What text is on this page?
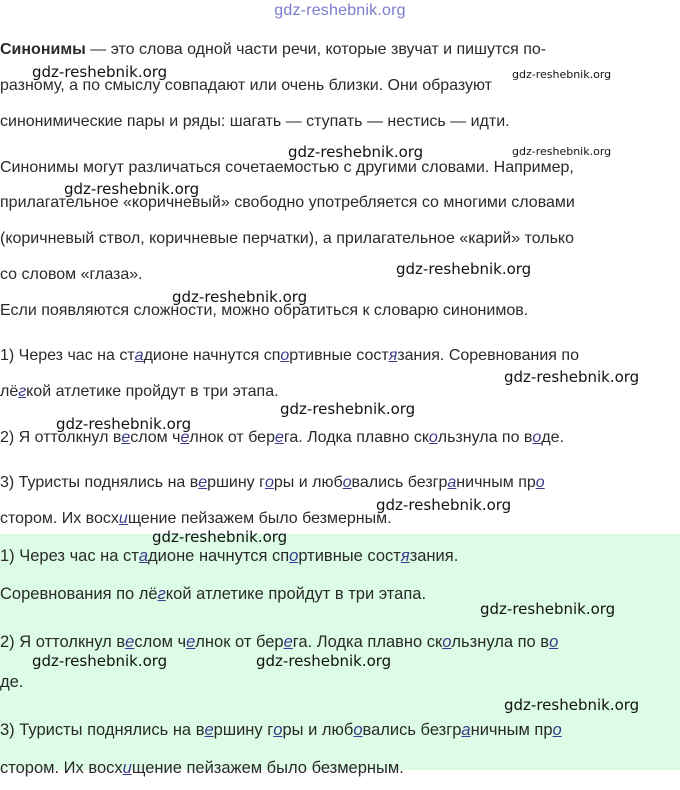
gdz-reshebnik.org

Синонимы — это слова одной части речи, которые звучат и пишутся по-

разному, а по смыслу совпадают или очень близки. Они образуют

синонимические пары и ряды: шагать — ступать — нестись — идти.

Синонимы могут различаться сочетаемостью с другими словами. Например,

прилагательное «коричневый» свободно употребляется со многими словами

(коричневый ствол, коричневые перчатки), а прилагательное «карий» только

со словом «глаза».

Если появляются сложности, можно обратиться к словарю синонимов.

1) Через час на стадионе начнутся спортивные состязания. Соревнования по

лёгкой атлетике пройдут в три этапа.

2) Я оттолкнул веслом челнок от берега. Лодка плавно скользнула по воде.

3) Туристы поднялись на вершину горы и любовались безграничным про

стором. Их восхищение пейзажем было безмерным.

1) Через час на стадионе начнутся спортивные состязания.

Соревнования по лёгкой атлетике пройдут в три этапа.

2) Я оттолкнул веслом челнок от берега. Лодка плавно скользнула по во

де.

3) Туристы поднялись на вершину горы и любовались безграничным про

стором. Их восхищение пейзажем было безмерным.

gdz-reshebnik.org	gdz-reshebnik.org
gdz-reshebnik.org	gdz-reshebnik.org
gdz-reshebnik.org
gdz-reshebnik.org
gdz-reshebnik.org
gdz-reshebnik.org
gdz-reshebnik.org
gdz-reshebnik.org
gdz-reshebnik.org
gdz-reshebnik.org
gdz-reshebnik.org
gdz-reshebnik.org	gdz-reshebnik.org
gdz-reshebnik.org
